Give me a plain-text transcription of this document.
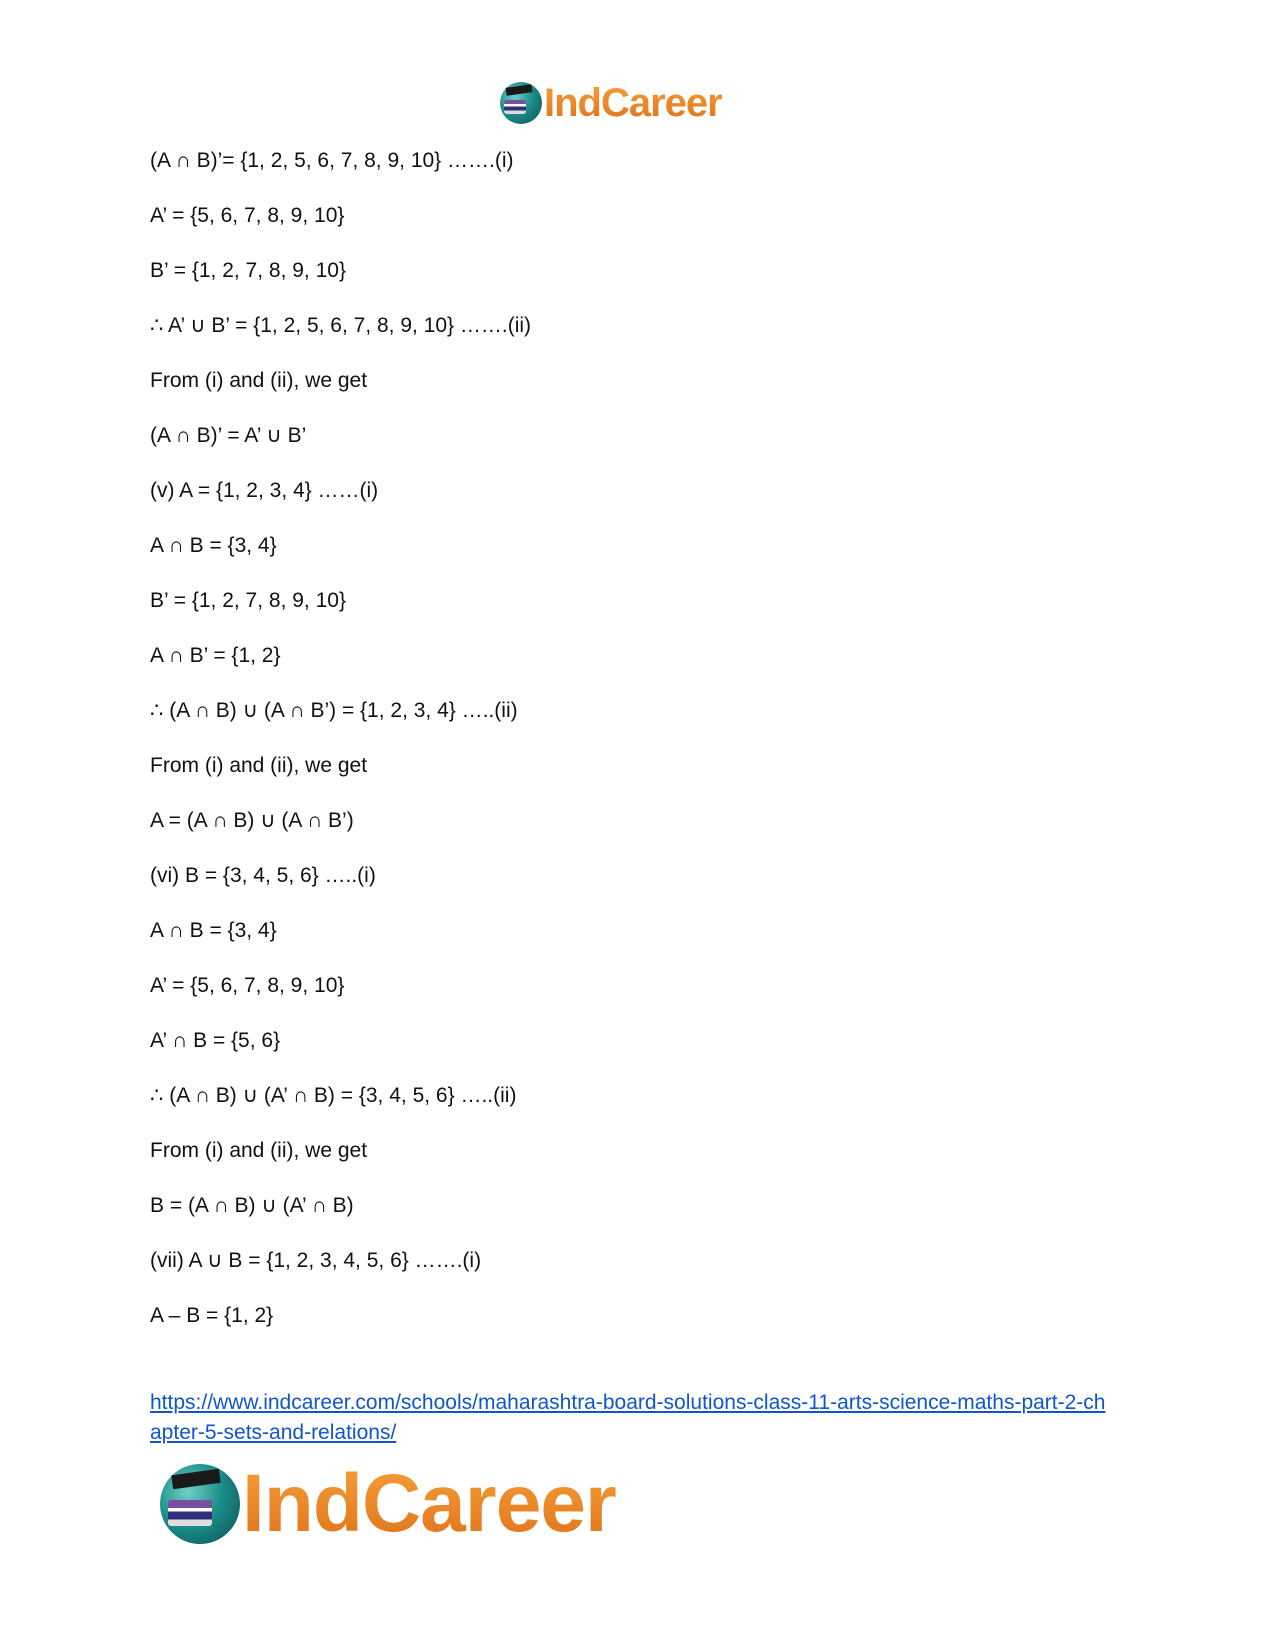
IndCareer
(A ∩ B)’= {1, 2, 5, 6, 7, 8, 9, 10} …….(i)
A’ = {5, 6, 7, 8, 9, 10}
B’ = {1, 2, 7, 8, 9, 10}
∴ A’ ∪ B’ = {1, 2, 5, 6, 7, 8, 9, 10} …….(ii)
From (i) and (ii), we get
(A ∩ B)’ = A’ ∪ B’
(v) A = {1, 2, 3, 4} ……(i)
A ∩ B = {3, 4}
B’ = {1, 2, 7, 8, 9, 10}
A ∩ B’ = {1, 2}
∴ (A ∩ B) ∪ (A ∩ B’) = {1, 2, 3, 4} …..(ii)
From (i) and (ii), we get
A = (A ∩ B) ∪ (A ∩ B’)
(vi) B = {3, 4, 5, 6} …..(i)
A ∩ B = {3, 4}
A’ = {5, 6, 7, 8, 9, 10}
A’ ∩ B = {5, 6}
∴ (A ∩ B) ∪ (A’ ∩ B) = {3, 4, 5, 6} …..(ii)
From (i) and (ii), we get
B = (A ∩ B) ∪ (A’ ∩ B)
(vii) A ∪ B = {1, 2, 3, 4, 5, 6} …….(i)
A – B = {1, 2}
https://www.indcareer.com/schools/maharashtra-board-solutions-class-11-arts-science-maths-part-2-chapter-5-sets-and-relations/
IndCareer
